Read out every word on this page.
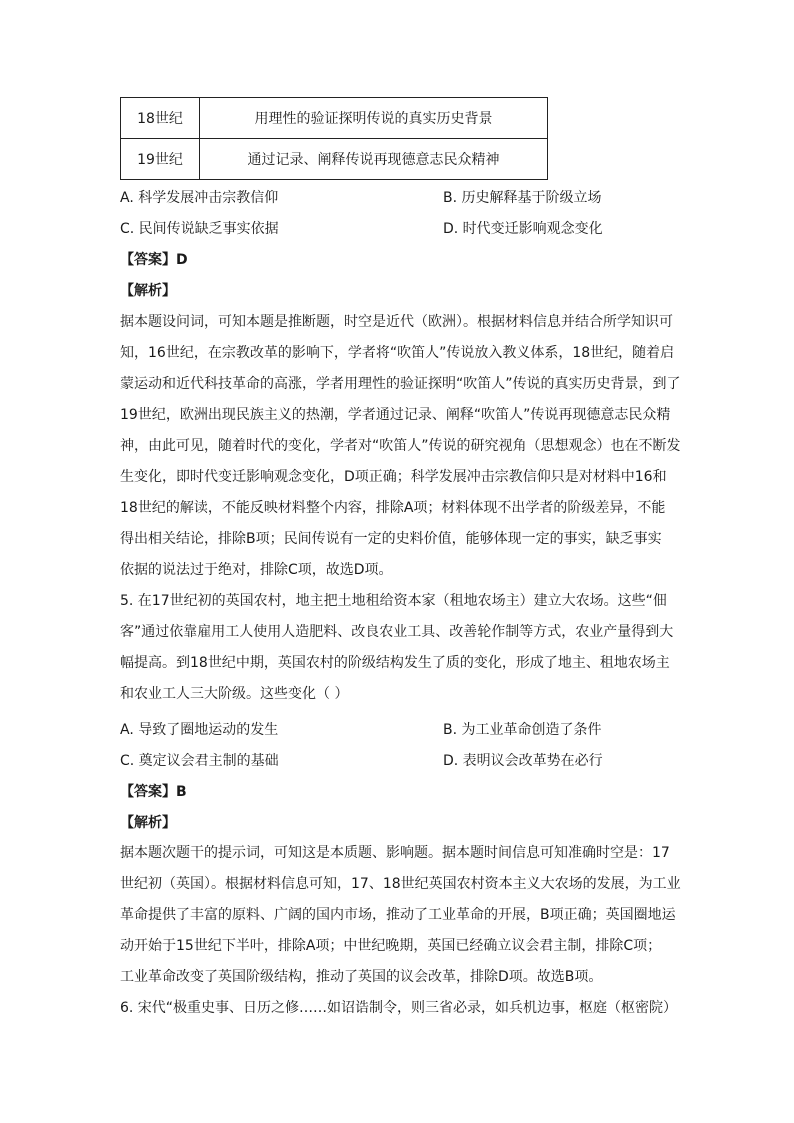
18世纪	用理性的验证探明传说的真实历史背景
19世纪	通过记录、阐释传说再现德意志民众精神
A. 科学发展冲击宗教信仰	B. 历史解释基于阶级立场
C. 民间传说缺乏事实依据	D. 时代变迁影响观念变化
【答案】D
【解析】
据本题设问词，可知本题是推断题，时空是近代（欧洲）。根据材料信息并结合所学知识可
知，16世纪，在宗教改革的影响下，学者将“吹笛人”传说放入教义体系，18世纪，随着启
蒙运动和近代科技革命的高涨，学者用理性的验证探明“吹笛人”传说的真实历史背景，到了
19世纪，欧洲出现民族主义的热潮，学者通过记录、阐释“吹笛人”传说再现德意志民众精
神，由此可见，随着时代的变化，学者对“吹笛人”传说的研究视角（思想观念）也在不断发
生变化，即时代变迁影响观念变化，D项正确；科学发展冲击宗教信仰只是对材料中16和
18世纪的解读，不能反映材料整个内容，排除A项；材料体现不出学者的阶级差异，不能
得出相关结论，排除B项；民间传说有一定的史料价值，能够体现一定的事实，缺乏事实
依据的说法过于绝对，排除C项，故选D项。
5. 在17世纪初的英国农村，地主把土地租给资本家（租地农场主）建立大农场。这些“佃
客”通过依靠雇用工人使用人造肥料、改良农业工具、改善轮作制等方式，农业产量得到大
幅提高。到18世纪中期，英国农村的阶级结构发生了质的变化，形成了地主、租地农场主
和农业工人三大阶级。这些变化（ ）
A. 导致了圈地运动的发生	B. 为工业革命创造了条件
C. 奠定议会君主制的基础	D. 表明议会改革势在必行
【答案】B
【解析】
据本题次题干的提示词，可知这是本质题、影响题。据本题时间信息可知准确时空是：17
世纪初（英国）。根据材料信息可知，17、18世纪英国农村资本主义大农场的发展，为工业
革命提供了丰富的原料、广阔的国内市场，推动了工业革命的开展，B项正确；英国圈地运
动开始于15世纪下半叶，排除A项；中世纪晚期，英国已经确立议会君主制，排除C项；
工业革命改变了英国阶级结构，推动了英国的议会改革，排除D项。故选B项。
6. 宋代“极重史事、日历之修……如诏诰制令，则三省必录，如兵机边事，枢庭（枢密院）
